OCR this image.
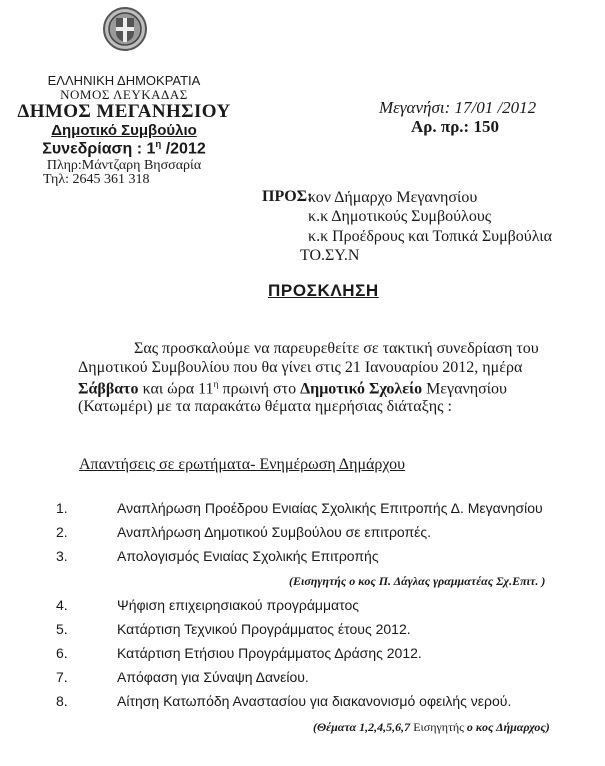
ΕΛΛΗΝΙΚΗ ΔΗΜΟΚΡΑΤΙΑ
ΝΟΜΟΣ ΛΕΥΚΑΔΑΣ
ΔΗΜΟΣ ΜΕΓΑΝΗΣΙΟΥ
Δημοτικό Συμβούλιο
Συνεδρίαση : $1^\eta$ /2012
Πληρ:Μάντζαρη Βησσαρία
Τηλ: 2645 361 318
Μεγανήσι: 17/01 /2012
Αρ. πρ.: 150
ΠΡΟΣ:
κον Δήμαρχο Μεγανησίου
κ.κ Δημοτικούς Συμβούλους
κ.κ Προέδρους και Τοπικά Συμβούλια
ΤΟ.ΣΥ.Ν
ΠΡΟΣΚΛΗΣΗ
Σας προσκαλούμε να παρευρεθείτε σε τακτική συνεδρίαση του
Δημοτικού Συμβουλίου που θα γίνει στις 21 Ιανουαρίου 2012, ημέρα
Σάββατο και ώρα $11^\eta$ πρωινή στο Δημοτικό Σχολείο Μεγανησίου
(Κατωμέρι) με τα παρακάτω θέματα ημερήσιας διάταξης :
Απαντήσεις σε ερωτήματα- Ενημέρωση Δημάρχου
1.	Αναπλήρωση Προέδρου Ενιαίας Σχολικής Επιτροπής Δ. Μεγανησίου
2.	Αναπλήρωση Δημοτικού Συμβούλου σε επιτροπές.
3.	Απολογισμός Ενιαίας Σχολικής Επιτροπής
(Εισηγητής ο κος Π. Δάγλας γραμματέας Σχ.Επιτ. )
4.	Ψήφιση επιχειρησιακού προγράμματος
5.	Κατάρτιση Τεχνικού Προγράμματος έτους 2012.
6.	Κατάρτιση Ετήσιου Προγράμματος Δράσης 2012.
7.	Απόφαση για Σύναψη Δανείου.
8.	Αίτηση Κατωπόδη Αναστασίου για διακανονισμό οφειλής νερού.
(Θέματα 1,2,4,5,6,7 Εισηγητής ο κος Δήμαρχος)
